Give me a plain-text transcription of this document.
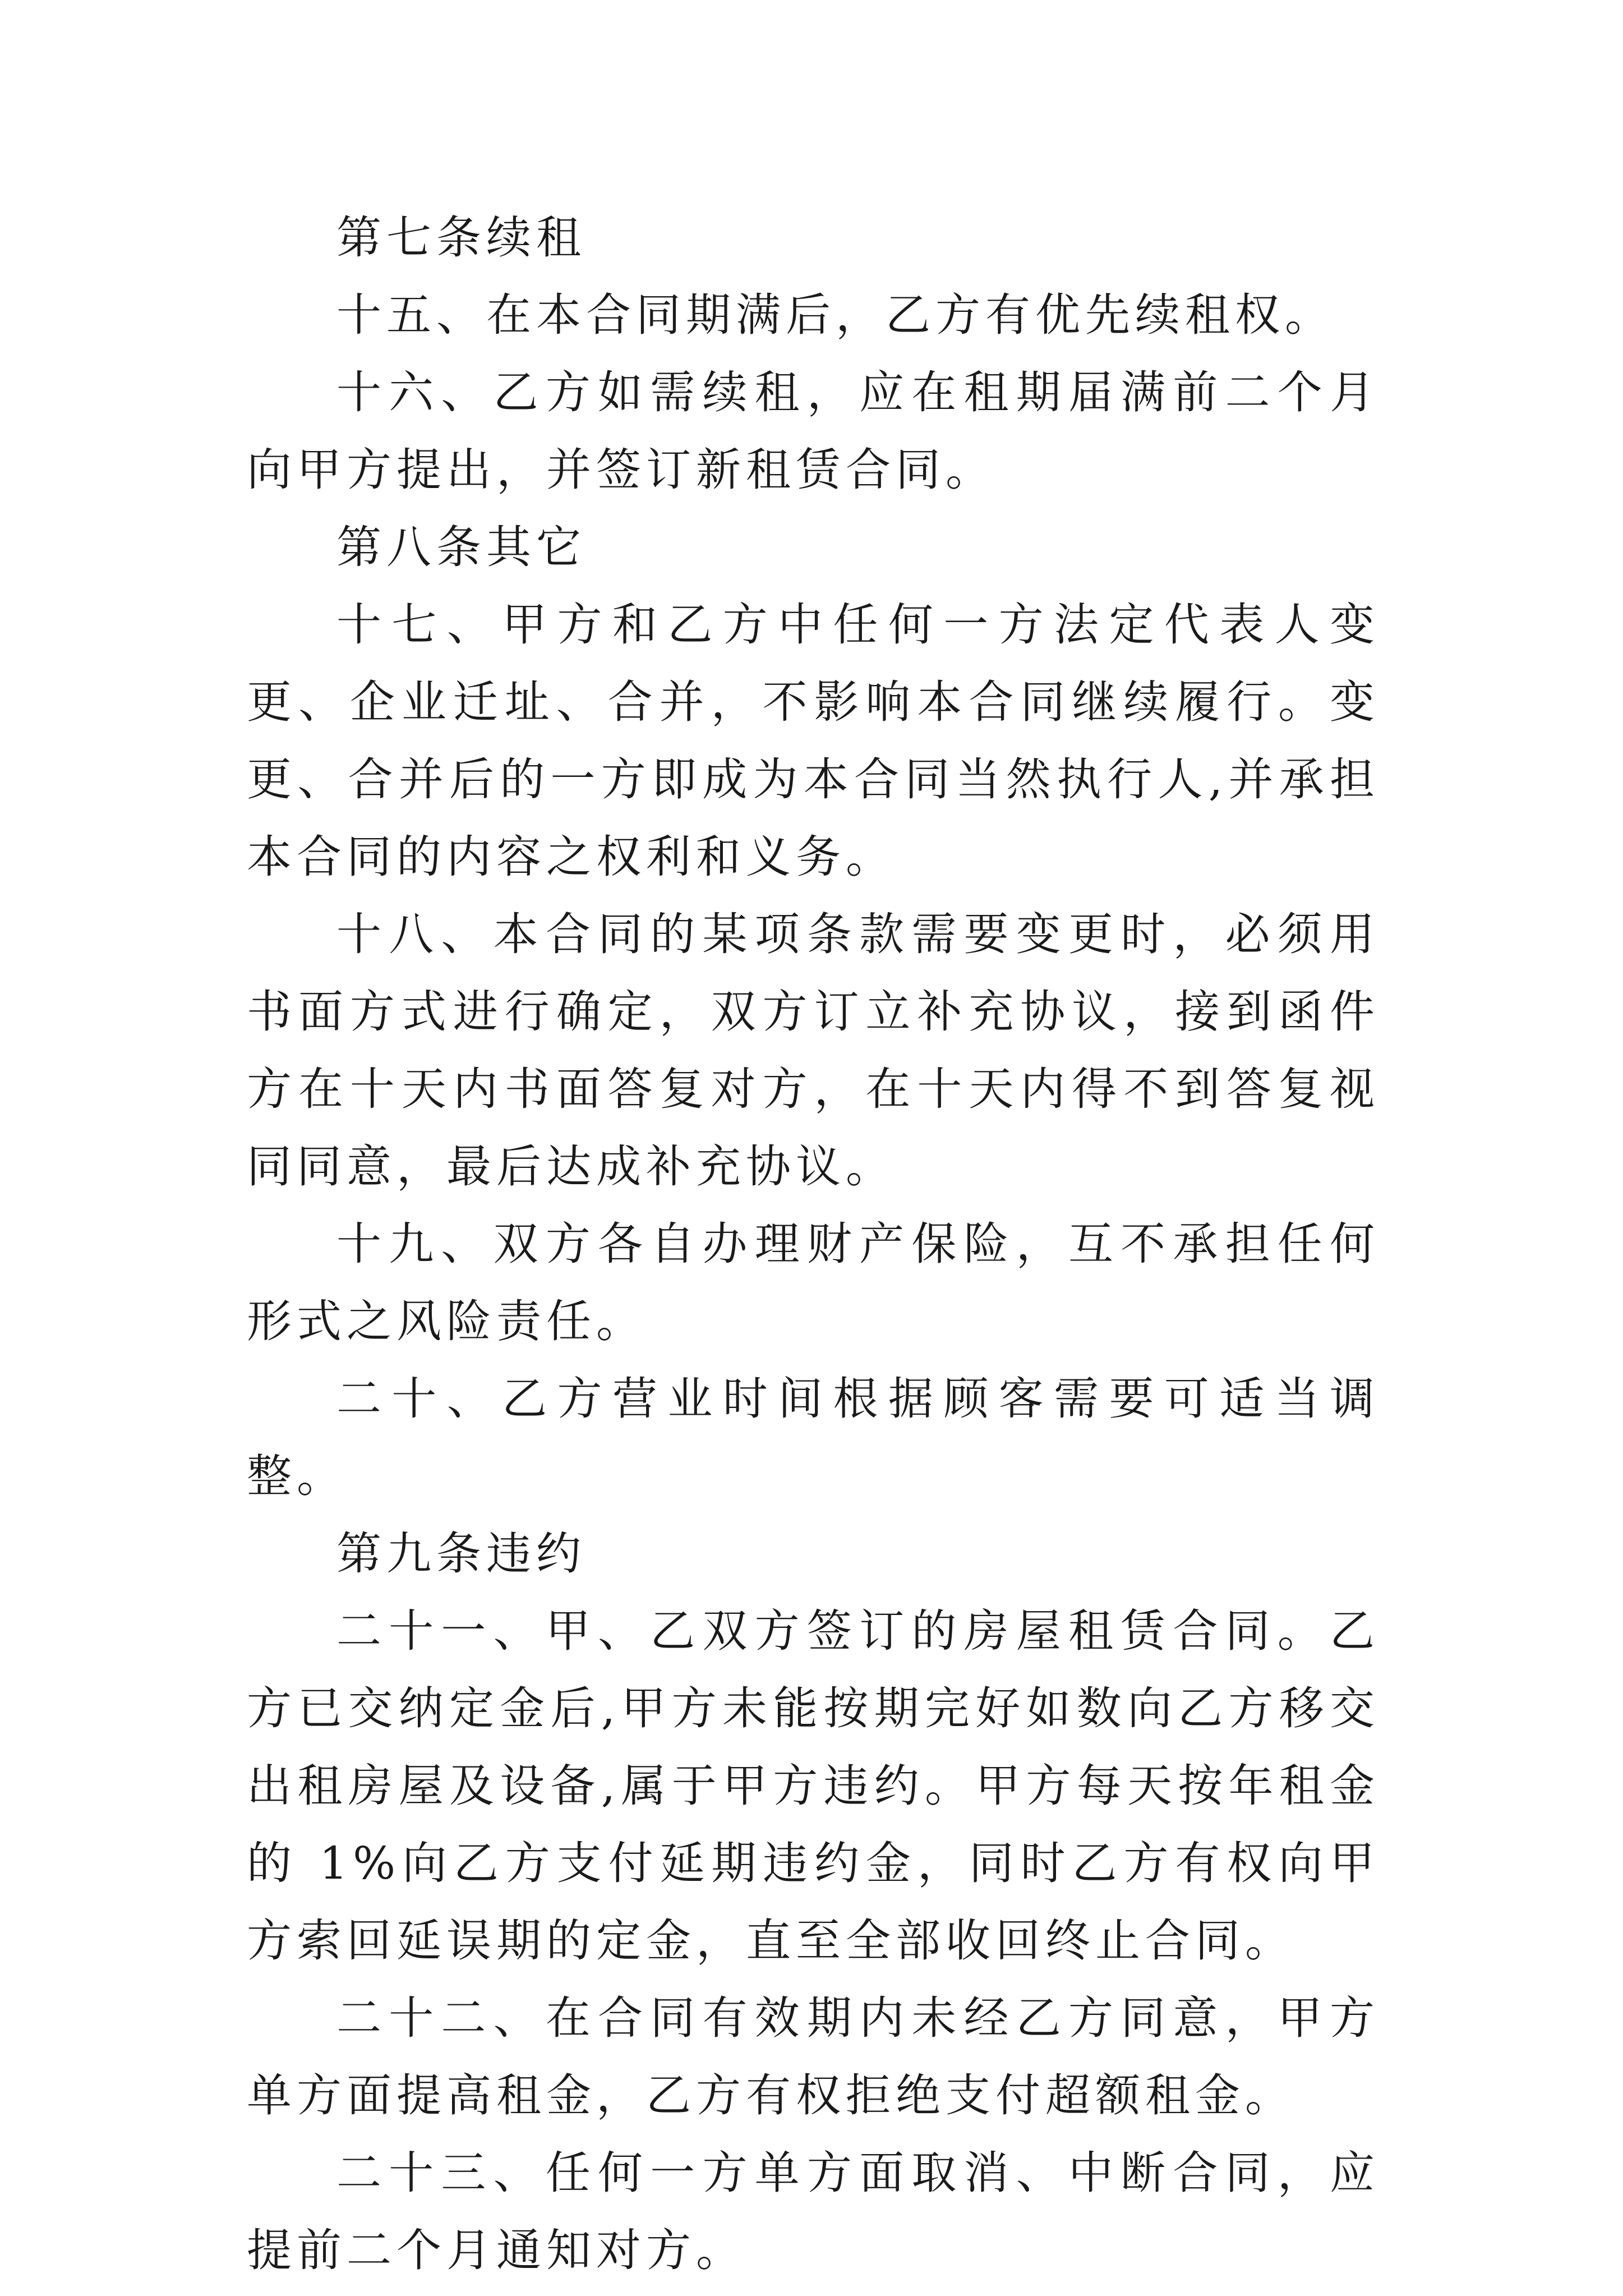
第七条续租

十五、在本合同期满后，乙方有优先续租权。

十六、乙方如需续租，应在租期届满前二个月向甲方提出，并签订新租赁合同。

第八条其它

十七、甲方和乙方中任何一方法定代表人变更、企业迁址、合并，不影响本合同继续履行。变更、合并后的一方即成为本合同当然执行人,并承担本合同的内容之权利和义务。

十八、本合同的某项条款需要变更时，必须用书面方式进行确定，双方订立补充协议，接到函件方在十天内书面答复对方，在十天内得不到答复视同同意，最后达成补充协议。

十九、双方各自办理财产保险，互不承担任何形式之风险责任。

二十、乙方营业时间根据顾客需要可适当调整。

第九条违约

二十一、甲、乙双方签订的房屋租赁合同。乙方已交纳定金后,甲方未能按期完好如数向乙方移交出租房屋及设备,属于甲方违约。甲方每天按年租金的 1%向乙方支付延期违约金，同时乙方有权向甲方索回延误期的定金，直至全部收回终止合同。

二十二、在合同有效期内未经乙方同意，甲方单方面提高租金，乙方有权拒绝支付超额租金。

二十三、任何一方单方面取消、中断合同，应提前二个月通知对方。
